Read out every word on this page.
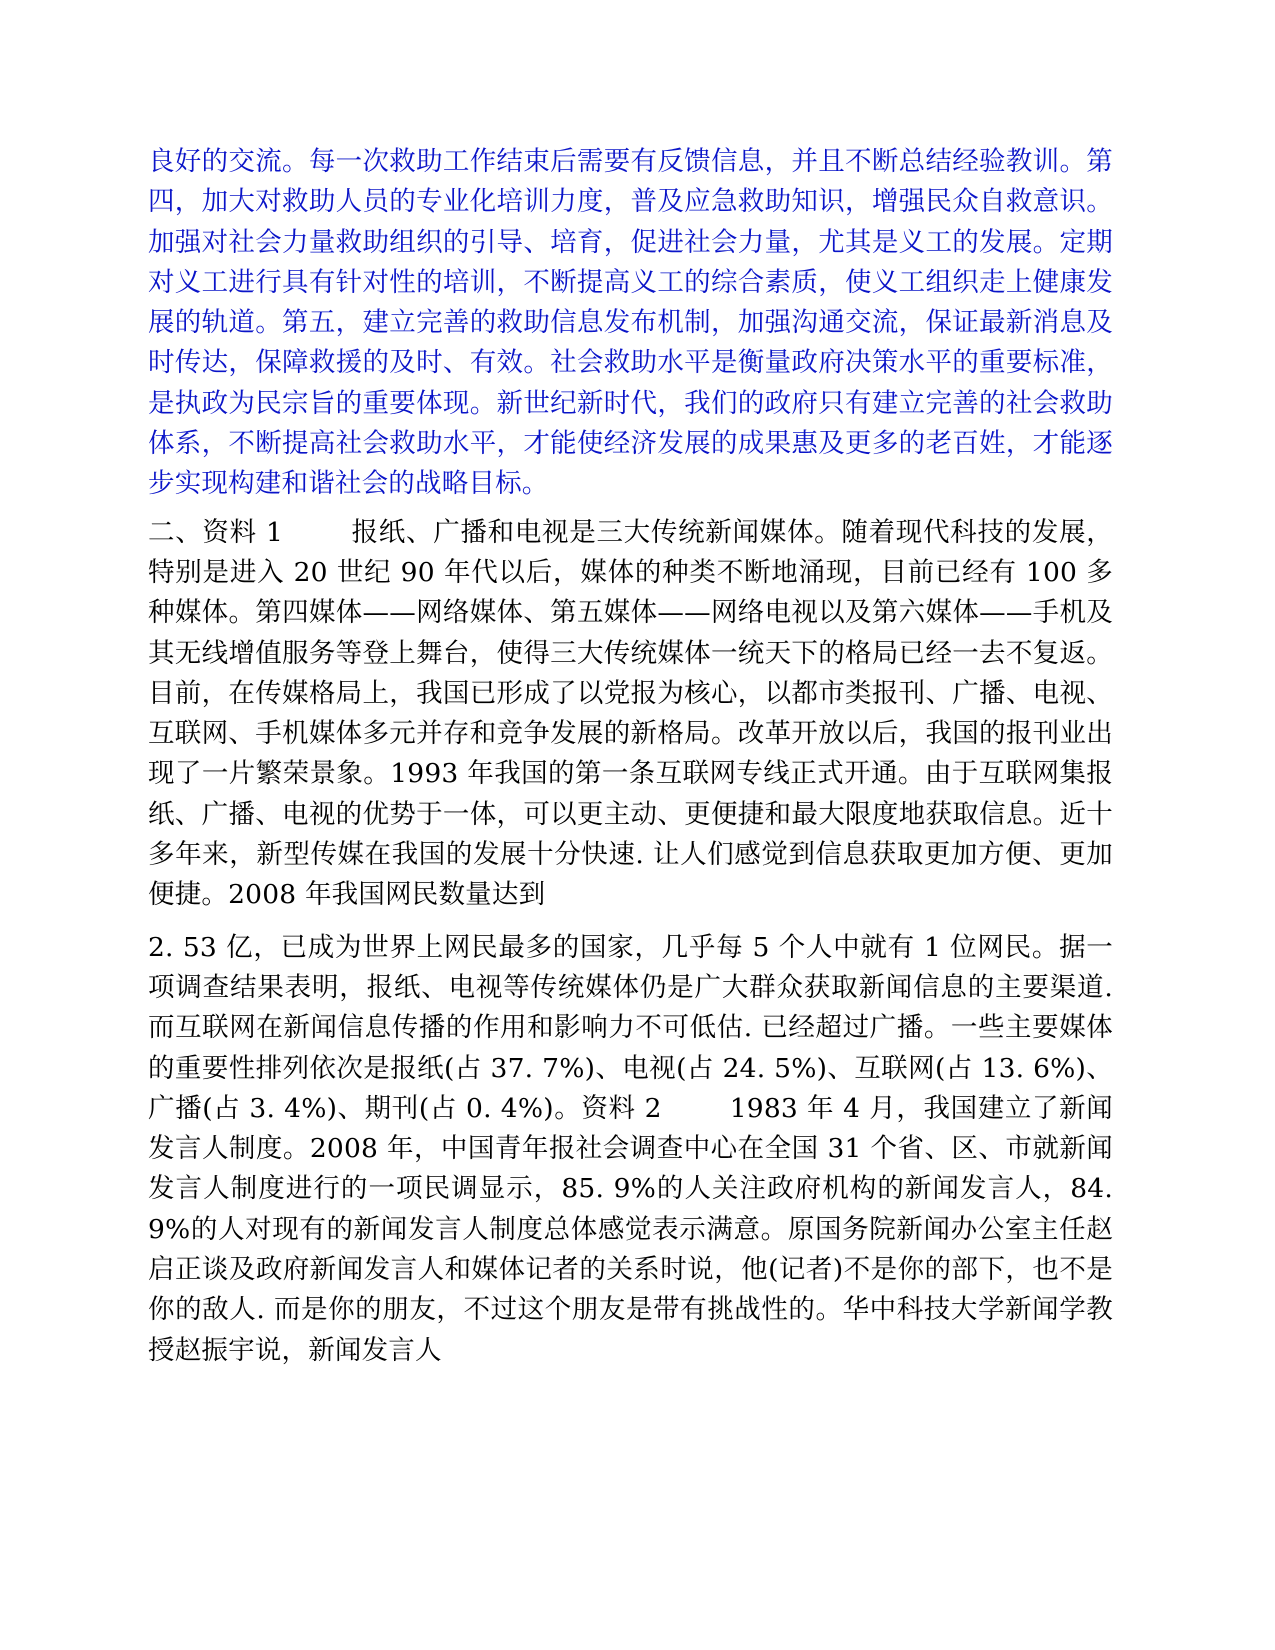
良好的交流。每一次救助工作结束后需要有反馈信息，并且不断总结经验教训。第四，加大对救助人员的专业化培训力度，普及应急救助知识，增强民众自救意识。加强对社会力量救助组织的引导、培育，促进社会力量，尤其是义工的发展。定期对义工进行具有针对性的培训，不断提高义工的综合素质，使义工组织走上健康发展的轨道。第五，建立完善的救助信息发布机制，加强沟通交流，保证最新消息及时传达，保障救援的及时、有效。社会救助水平是衡量政府决策水平的重要标准，是执政为民宗旨的重要体现。新世纪新时代，我们的政府只有建立完善的社会救助体系，不断提高社会救助水平，才能使经济发展的成果惠及更多的老百姓，才能逐步实现构建和谐社会的战略目标。

二、资料 1	报纸、广播和电视是三大传统新闻媒体。随着现代科技的发展，特别是进入 20 世纪 90 年代以后，媒体的种类不断地涌现，目前已经有 100 多种媒体。第四媒体——网络媒体、第五媒体——网络电视以及第六媒体——手机及其无线增值服务等登上舞台，使得三大传统媒体一统天下的格局已经一去不复返。目前，在传媒格局上，我国已形成了以党报为核心，以都市类报刊、广播、电视、互联网、手机媒体多元并存和竞争发展的新格局。改革开放以后，我国的报刊业出现了一片繁荣景象。1993 年我国的第一条互联网专线正式开通。由于互联网集报纸、广播、电视的优势于一体，可以更主动、更便捷和最大限度地获取信息。近十多年来，新型传媒在我国的发展十分快速. 让人们感觉到信息获取更加方便、更加便捷。2008 年我国网民数量达到

2. 53 亿，已成为世界上网民最多的国家，几乎每 5 个人中就有 1 位网民。据一项调查结果表明，报纸、电视等传统媒体仍是广大群众获取新闻信息的主要渠道. 而互联网在新闻信息传播的作用和影响力不可低估. 已经超过广播。一些主要媒体的重要性排列依次是报纸(占 37. 7%)、电视(占 24. 5%)、互联网(占 13. 6%)、广播(占 3. 4%)、期刊(占 0. 4%)。资料 2	1983 年 4 月，我国建立了新闻发言人制度。2008 年，中国青年报社会调查中心在全国 31 个省、区、市就新闻发言人制度进行的一项民调显示，85. 9%的人关注政府机构的新闻发言人，84. 9%的人对现有的新闻发言人制度总体感觉表示满意。原国务院新闻办公室主任赵启正谈及政府新闻发言人和媒体记者的关系时说，他(记者)不是你的部下，也不是你的敌人. 而是你的朋友，不过这个朋友是带有挑战性的。华中科技大学新闻学教授赵振宇说，新闻发言人
